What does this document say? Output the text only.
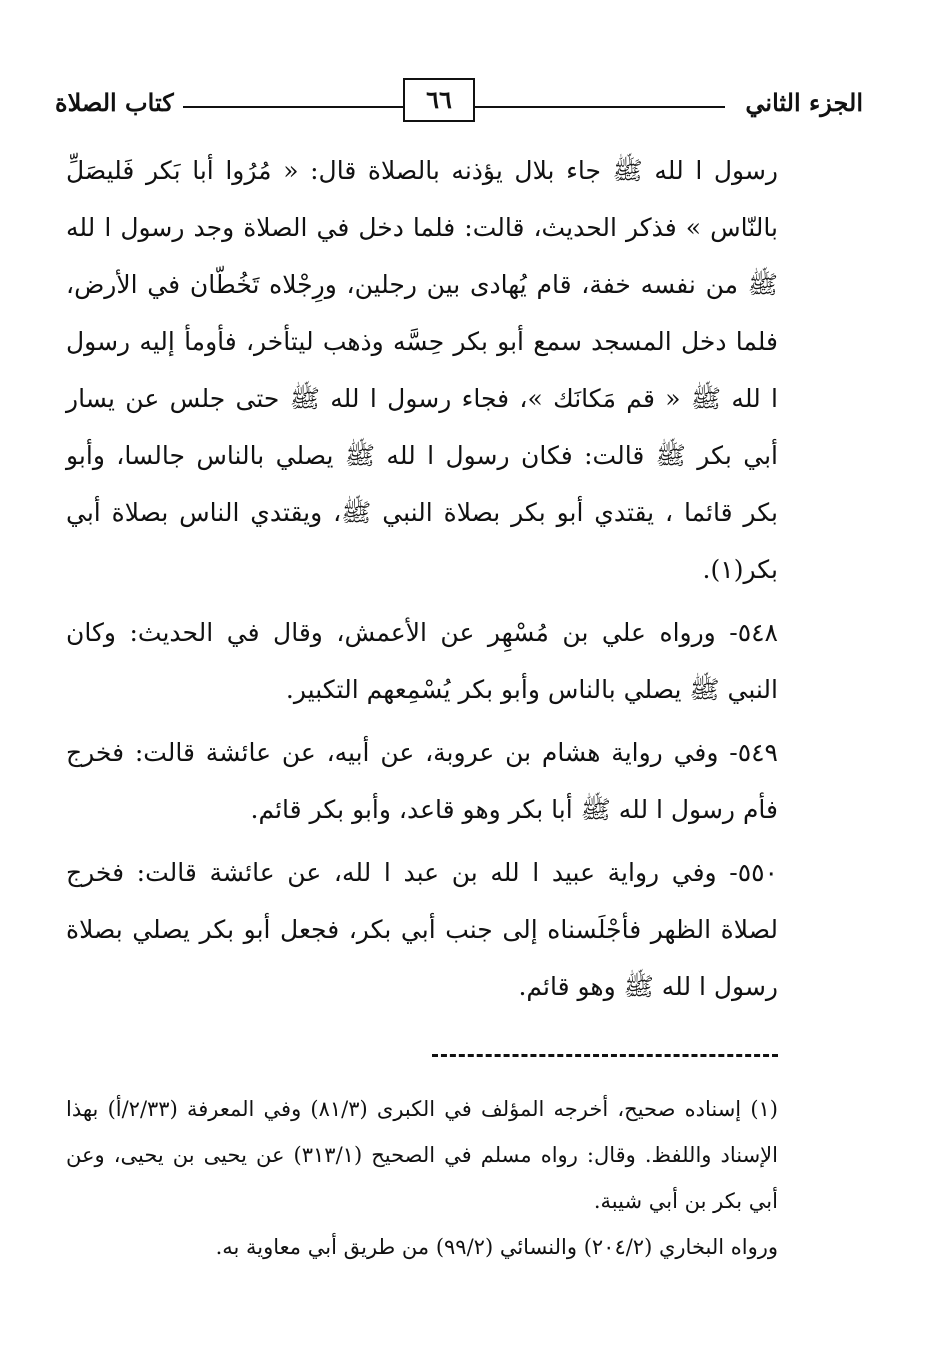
الجزء الثاني
٦٦
كتاب الصلاة

رسول ا لله ﷺ جاء بلال يؤذنه بالصلاة قال: « مُرُوا أبا بَكر فَليصَلِّ بالنّاس » فذكر الحديث، قالت: فلما دخل في الصلاة وجد رسول ا لله ﷺ من نفسه خفة، قام يُهادى بين رجلين، ورِجْلاه تَخُطّان في الأرض، فلما دخل المسجد سمع أبو بكر حِسَّه وذهب ليتأخر، فأومأ إليه رسول ا لله ﷺ « قم مَكانَك »، فجاء رسول ا لله ﷺ حتى جلس عن يسار أبي بكر ﷺ قالت: فكان رسول ا لله ﷺ يصلي بالناس جالسا، وأبو بكر قائما ، يقتدي أبو بكر بصلاة النبي ﷺ، ويقتدي الناس بصلاة أبي بكر(١).

٥٤٨- ورواه علي بن مُسْهِر عن الأعمش، وقال في الحديث: وكان النبي ﷺ يصلي بالناس وأبو بكر يُسْمِعهم التكبير.

٥٤٩- وفي رواية هشام بن عروبة، عن أبيه، عن عائشة قالت: فخرج فأم رسول ا لله ﷺ أبا بكر وهو قاعد، وأبو بكر قائم.

٥٥٠- وفي رواية عبيد ا لله بن عبد ا لله، عن عائشة قالت: فخرج لصلاة الظهر فأجْلَسناه إلى جنب أبي بكر، فجعل أبو بكر يصلي بصلاة رسول ا لله ﷺ وهو قائم.

(١) إسناده صحيح، أخرجه المؤلف في الكبرى (٨١/٣) وفي المعرفة (٢/٣٣/أ) بهذا الإسناد واللفظ. وقال: رواه مسلم في الصحيح (٣١٣/١) عن يحيى بن يحيى، وعن أبي بكر بن أبي شيبة.

ورواه البخاري (٢٠٤/٢) والنسائي (٩٩/٢) من طريق أبي معاوية به.
